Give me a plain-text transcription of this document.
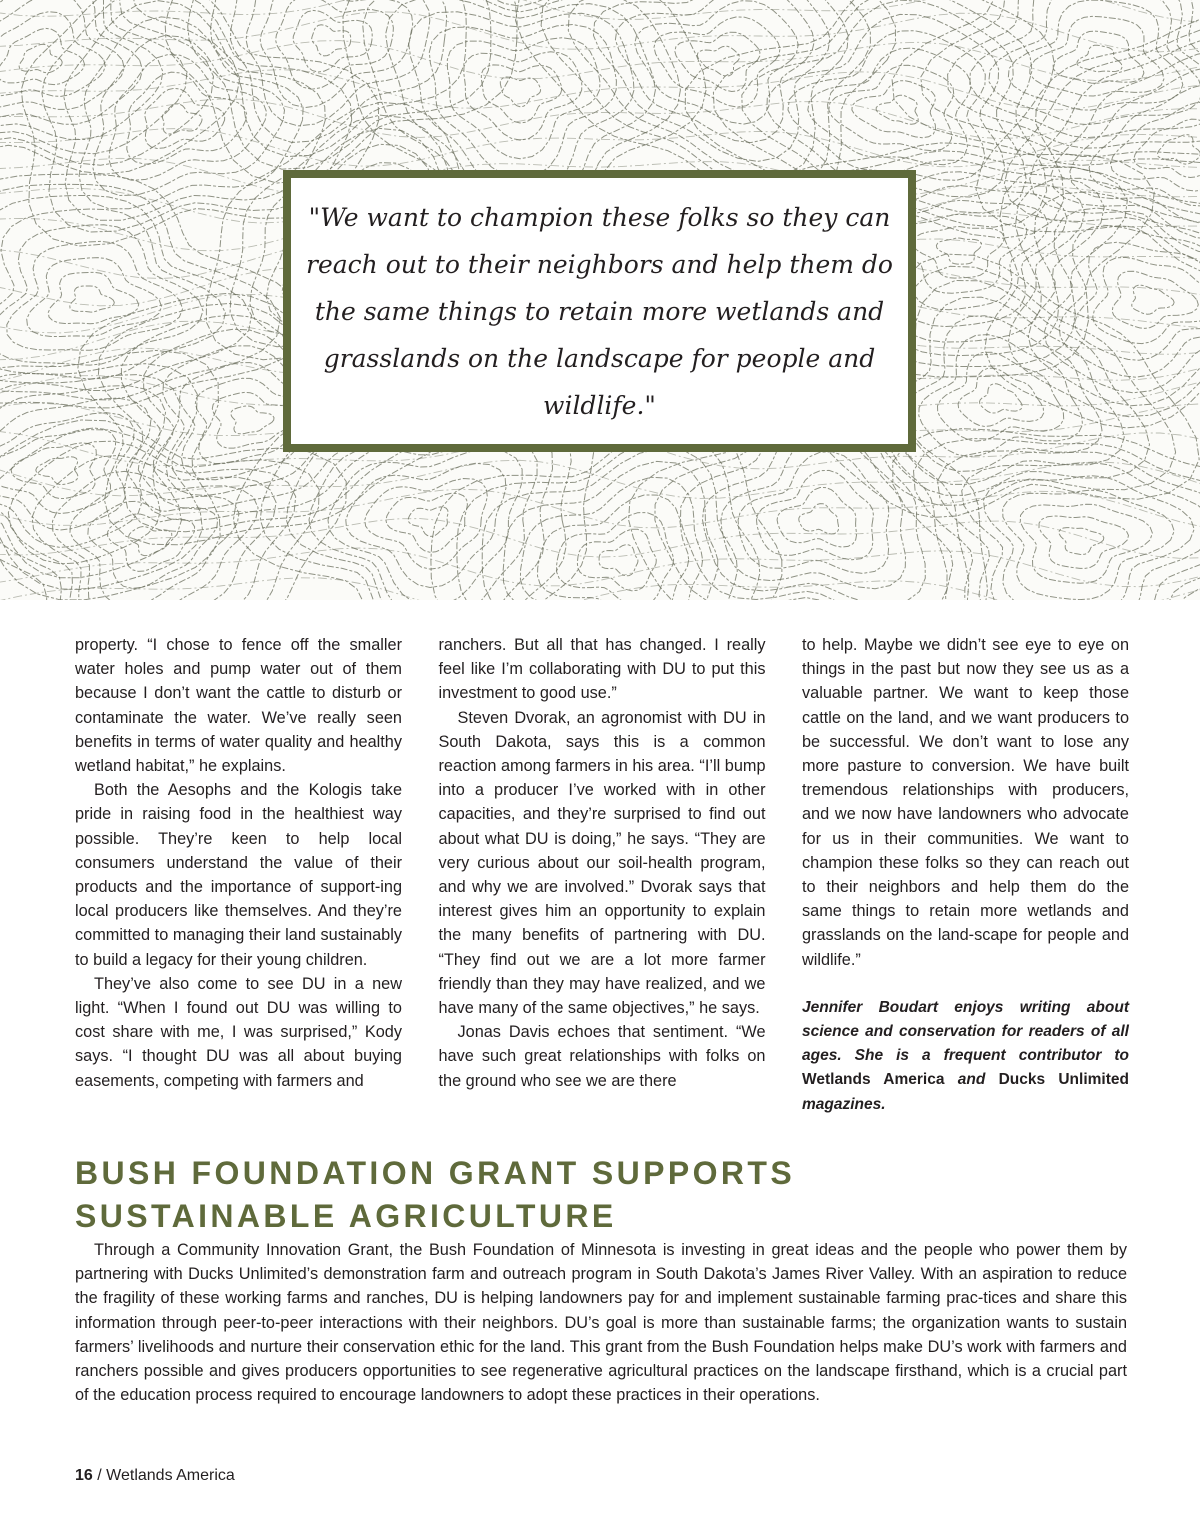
"We want to champion these folks so they can reach out to their neighbors and help them do the same things to retain more wetlands and grasslands on the landscape for people and wildlife."

property. “I chose to fence off the smaller water holes and pump water out of them because I don’t want the cattle to disturb or contaminate the water. We’ve really seen benefits in terms of water quality and healthy wetland habitat,” he explains.

Both the Aesophs and the Kologis take pride in raising food in the healthiest way possible. They’re keen to help local consumers understand the value of their products and the importance of support-ing local producers like themselves. And they’re committed to managing their land sustainably to build a legacy for their young children.

They’ve also come to see DU in a new light. “When I found out DU was willing to cost share with me, I was surprised,” Kody says. “I thought DU was all about buying easements, competing with farmers and

ranchers. But all that has changed. I really feel like I’m collaborating with DU to put this investment to good use.”

Steven Dvorak, an agronomist with DU in South Dakota, says this is a common reaction among farmers in his area. “I’ll bump into a producer I’ve worked with in other capacities, and they’re surprised to find out about what DU is doing,” he says. “They are very curious about our soil-health program, and why we are involved.” Dvorak says that interest gives him an opportunity to explain the many benefits of partnering with DU. “They find out we are a lot more farmer friendly than they may have realized, and we have many of the same objectives,” he says.

Jonas Davis echoes that sentiment. “We have such great relationships with folks on the ground who see we are there

to help. Maybe we didn’t see eye to eye on things in the past but now they see us as a valuable partner. We want to keep those cattle on the land, and we want producers to be successful. We don’t want to lose any more pasture to conversion. We have built tremendous relationships with producers, and we now have landowners who advocate for us in their communities. We want to champion these folks so they can reach out to their neighbors and help them do the same things to retain more wetlands and grasslands on the land-scape for people and wildlife.”

Jennifer Boudart enjoys writing about science and conservation for readers of all ages. She is a frequent contributor to Wetlands America and Ducks Unlimited magazines.

BUSH FOUNDATION GRANT SUPPORTS
SUSTAINABLE AGRICULTURE

Through a Community Innovation Grant, the Bush Foundation of Minnesota is investing in great ideas and the people who power them by partnering with Ducks Unlimited’s demonstration farm and outreach program in South Dakota’s James River Valley. With an aspiration to reduce the fragility of these working farms and ranches, DU is helping landowners pay for and implement sustainable farming prac-tices and share this information through peer-to-peer interactions with their neighbors. DU’s goal is more than sustainable farms; the organization wants to sustain farmers’ livelihoods and nurture their conservation ethic for the land. This grant from the Bush Foundation helps make DU’s work with farmers and ranchers possible and gives producers opportunities to see regenerative agricultural practices on the landscape firsthand, which is a crucial part of the education process required to encourage landowners to adopt these practices in their operations.

16 / Wetlands America
